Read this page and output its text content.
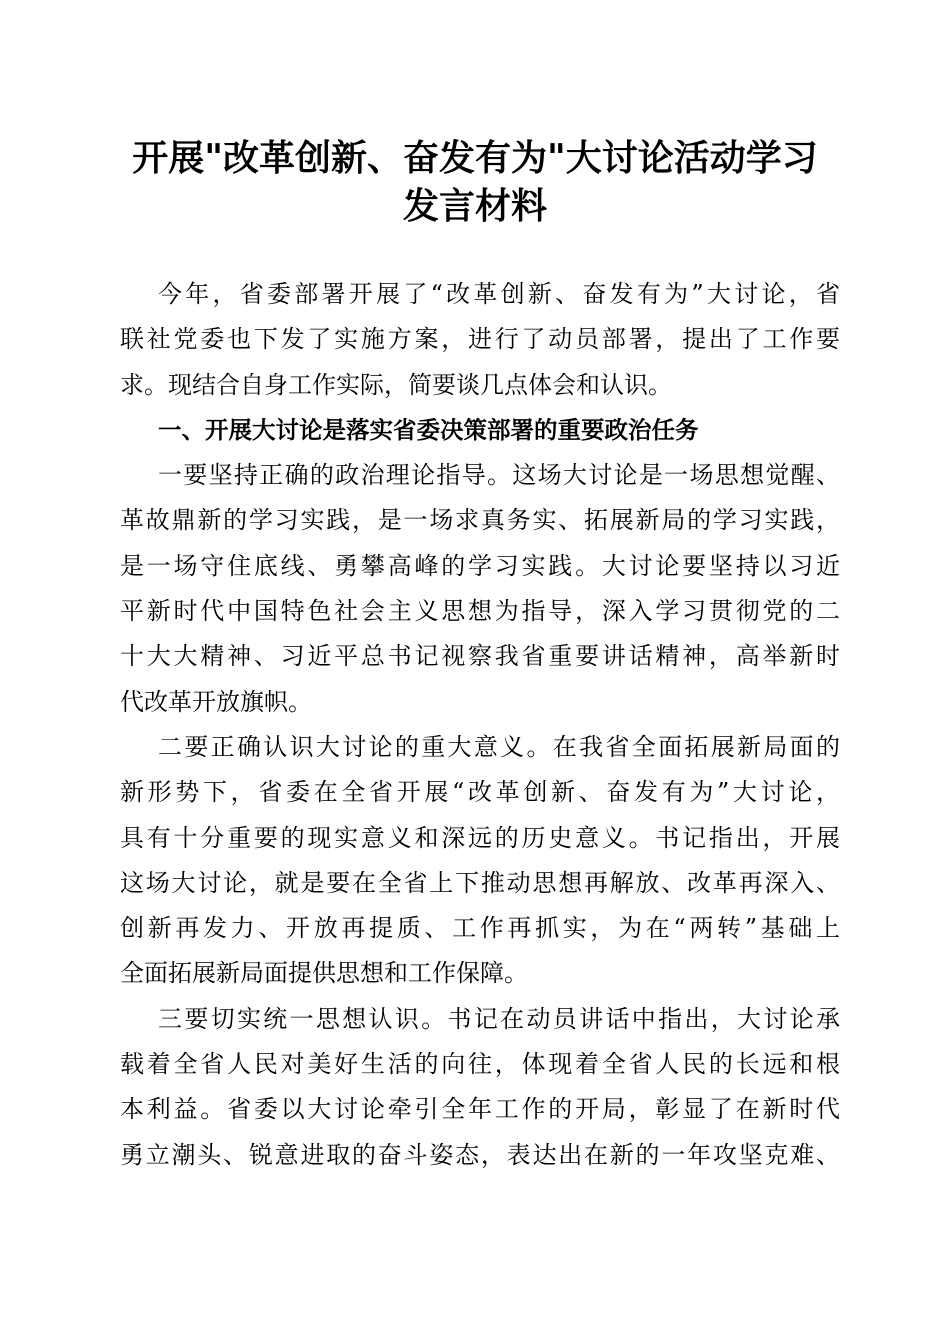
开展"改革创新、奋发有为"大讨论活动学习
发言材料
今年，省委部署开展了“改革创新、奋发有为”大讨论，省
联社党委也下发了实施方案，进行了动员部署，提出了工作要
求。现结合自身工作实际，简要谈几点体会和认识。
一、开展大讨论是落实省委决策部署的重要政治任务
一要坚持正确的政治理论指导。这场大讨论是一场思想觉醒、
革故鼎新的学习实践，是一场求真务实、拓展新局的学习实践，
是一场守住底线、勇攀高峰的学习实践。大讨论要坚持以习近
平新时代中国特色社会主义思想为指导，深入学习贯彻党的二
十大大精神、习近平总书记视察我省重要讲话精神，高举新时
代改革开放旗帜。
二要正确认识大讨论的重大意义。在我省全面拓展新局面的
新形势下，省委在全省开展“改革创新、奋发有为”大讨论，
具有十分重要的现实意义和深远的历史意义。书记指出，开展
这场大讨论，就是要在全省上下推动思想再解放、改革再深入、
创新再发力、开放再提质、工作再抓实，为在“两转”基础上
全面拓展新局面提供思想和工作保障。
三要切实统一思想认识。书记在动员讲话中指出，大讨论承
载着全省人民对美好生活的向往，体现着全省人民的长远和根
本利益。省委以大讨论牵引全年工作的开局，彰显了在新时代
勇立潮头、锐意进取的奋斗姿态，表达出在新的一年攻坚克难、
